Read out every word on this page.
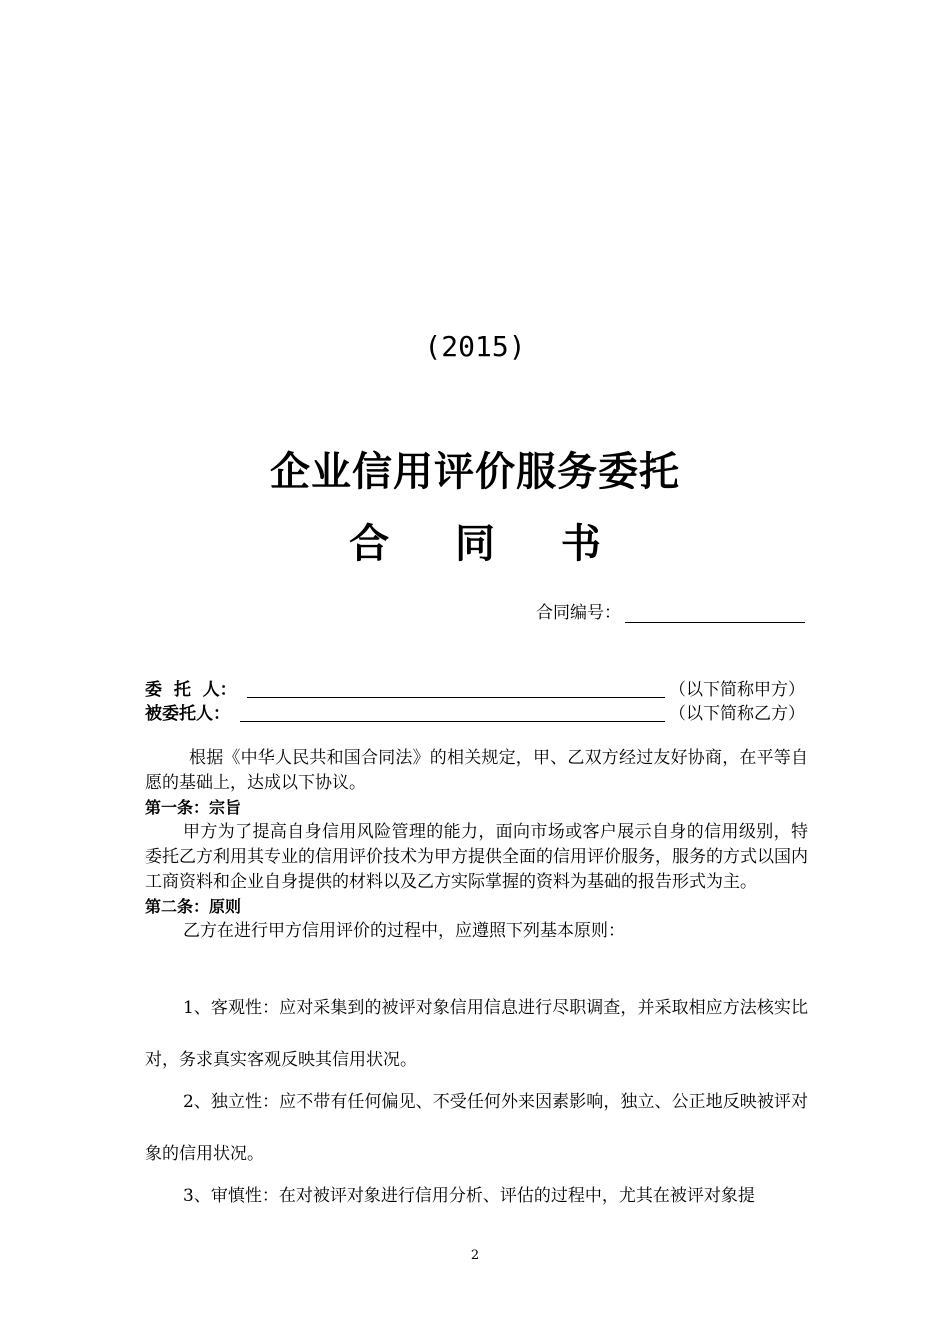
(2015)
企业信用评价服务委托
合 同 书
合同编号：
委  托  人：	（以下简称甲方）
被委托人：	（以下简称乙方）

根据《中华人民共和国合同法》的相关规定，甲、乙双方经过友好协商，在平等自愿的基础上，达成以下协议。

第一条：宗旨

甲方为了提高自身信用风险管理的能力，面向市场或客户展示自身的信用级别，特委托乙方利用其专业的信用评价技术为甲方提供全面的信用评价服务，服务的方式以国内工商资料和企业自身提供的材料以及乙方实际掌握的资料为基础的报告形式为主。

第二条：原则

乙方在进行甲方信用评价的过程中，应遵照下列基本原则：

1、客观性：应对采集到的被评对象信用信息进行尽职调查，并采取相应方法核实比对，务求真实客观反映其信用状况。

2、独立性：应不带有任何偏见、不受任何外来因素影响，独立、公正地反映被评对象的信用状况。

3、审慎性：在对被评对象进行信用分析、评估的过程中，尤其在被评对象提

2
